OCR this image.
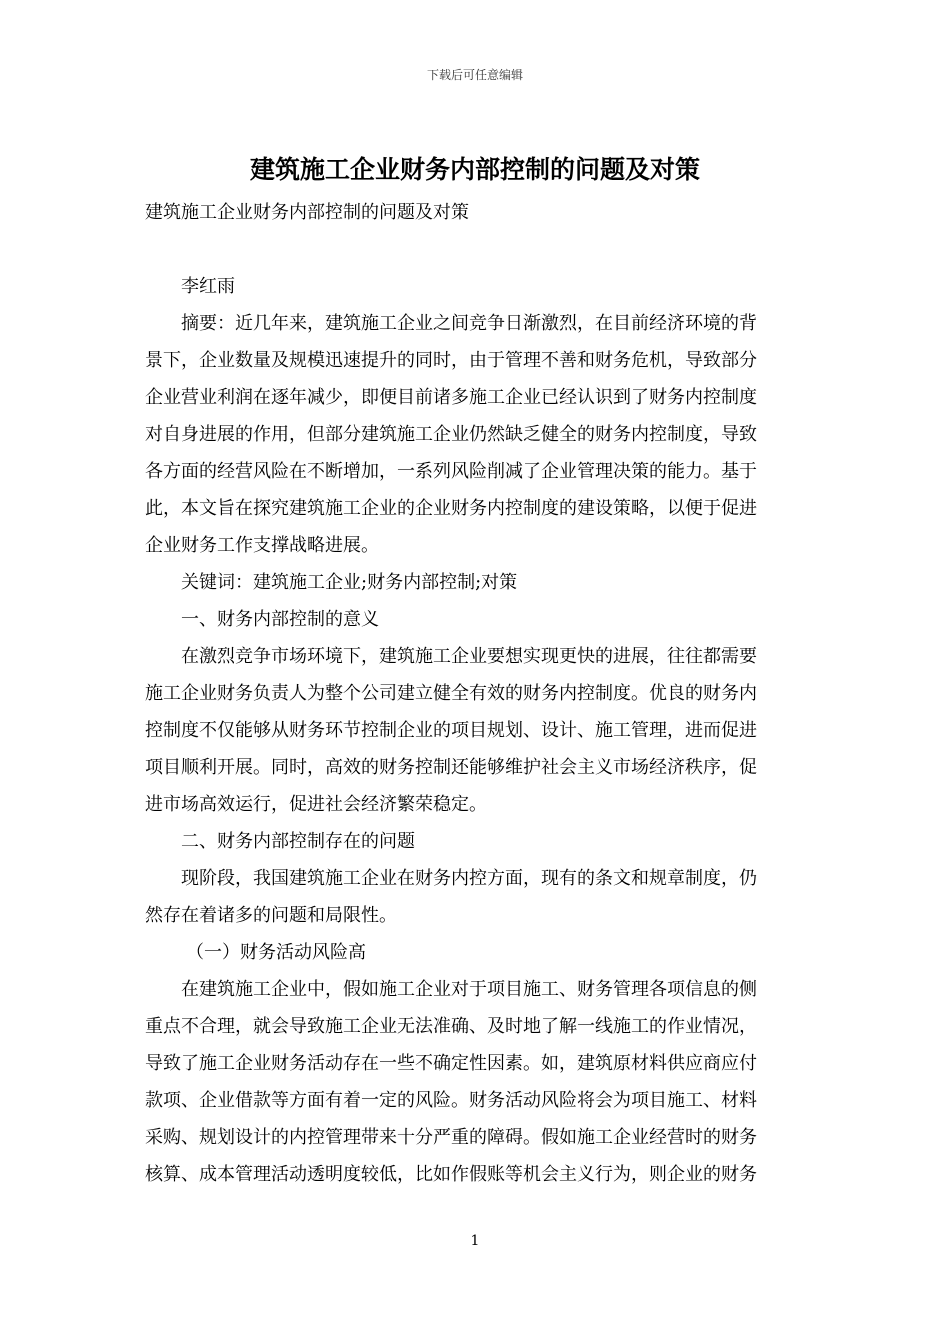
下载后可任意编辑
建筑施工企业财务内部控制的问题及对策
建筑施工企业财务内部控制的问题及对策
李红雨
摘要：近几年来，建筑施工企业之间竞争日渐激烈，在目前经济环境的背
景下，企业数量及规模迅速提升的同时，由于管理不善和财务危机，导致部分
企业营业利润在逐年减少，即便目前诸多施工企业已经认识到了财务内控制度
对自身进展的作用，但部分建筑施工企业仍然缺乏健全的财务内控制度，导致
各方面的经营风险在不断增加，一系列风险削减了企业管理决策的能力。基于
此，本文旨在探究建筑施工企业的企业财务内控制度的建设策略，以便于促进
企业财务工作支撑战略进展。
关键词：建筑施工企业;财务内部控制;对策
一、财务内部控制的意义
在激烈竞争市场环境下，建筑施工企业要想实现更快的进展，往往都需要
施工企业财务负责人为整个公司建立健全有效的财务内控制度。优良的财务内
控制度不仅能够从财务环节控制企业的项目规划、设计、施工管理，进而促进
项目顺利开展。同时，高效的财务控制还能够维护社会主义市场经济秩序，促
进市场高效运行，促进社会经济繁荣稳定。
二、财务内部控制存在的问题
现阶段，我国建筑施工企业在财务内控方面，现有的条文和规章制度，仍
然存在着诸多的问题和局限性。
（一）财务活动风险高
在建筑施工企业中，假如施工企业对于项目施工、财务管理各项信息的侧
重点不合理，就会导致施工企业无法准确、及时地了解一线施工的作业情况，
导致了施工企业财务活动存在一些不确定性因素。如，建筑原材料供应商应付
款项、企业借款等方面有着一定的风险。财务活动风险将会为项目施工、材料
采购、规划设计的内控管理带来十分严重的障碍。假如施工企业经营时的财务
核算、成本管理活动透明度较低，比如作假账等机会主义行为，则企业的财务
1
